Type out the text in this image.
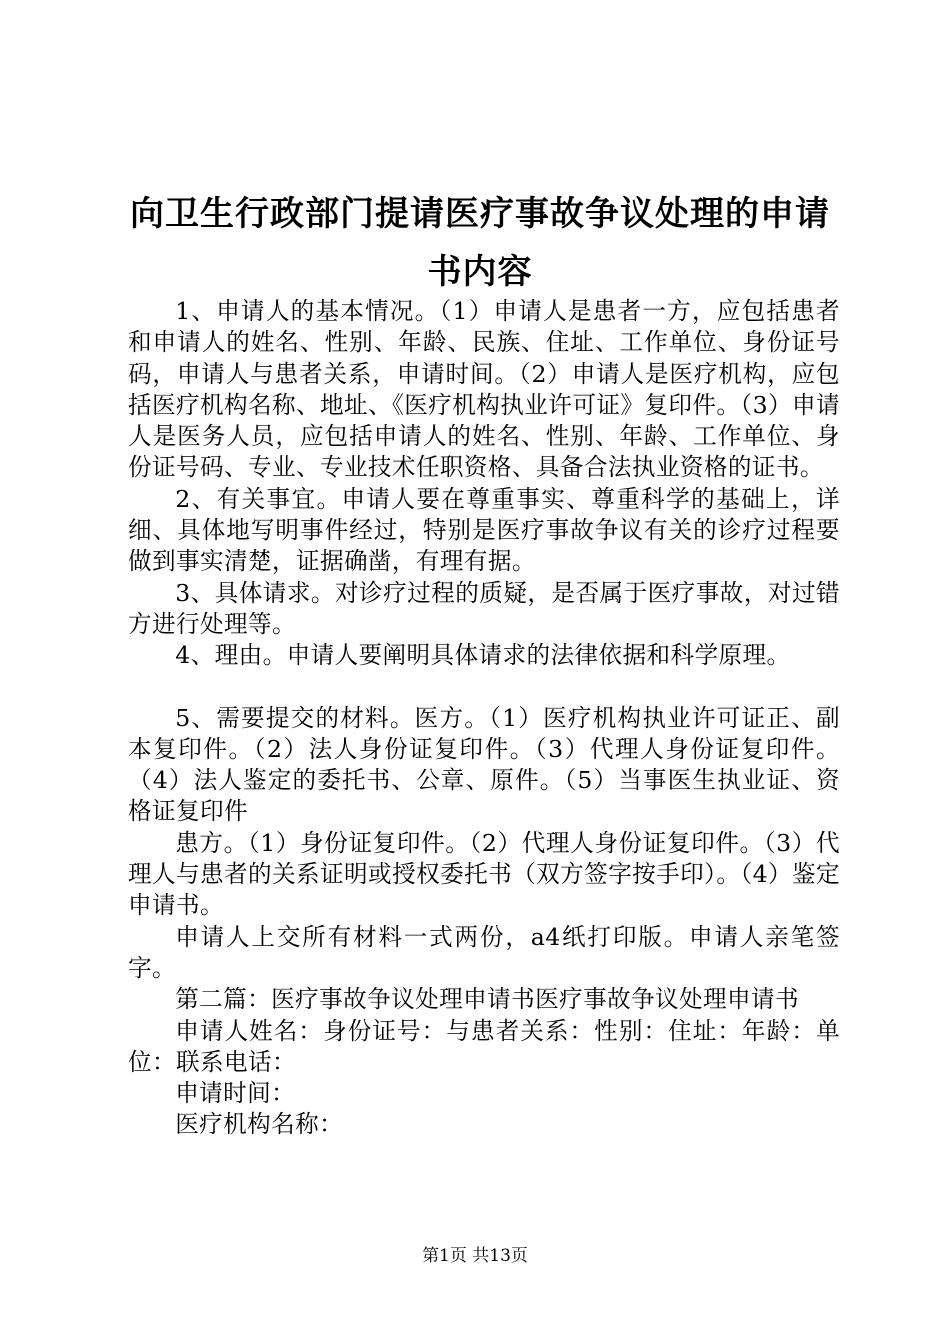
向卫生行政部门提请医疗事故争议处理的申请
书内容

1、申请人的基本情况。（1）申请人是患者一方，应包括患者和申请人的姓名、性别、年龄、民族、住址、工作单位、身份证号码，申请人与患者关系，申请时间。（2）申请人是医疗机构，应包括医疗机构名称、地址、《医疗机构执业许可证》复印件。（3）申请人是医务人员，应包括申请人的姓名、性别、年龄、工作单位、身份证号码、专业、专业技术任职资格、具备合法执业资格的证书。

2、有关事宜。申请人要在尊重事实、尊重科学的基础上，详细、具体地写明事件经过，特别是医疗事故争议有关的诊疗过程要做到事实清楚，证据确凿，有理有据。

3、具体请求。对诊疗过程的质疑，是否属于医疗事故，对过错方进行处理等。

4、理由。申请人要阐明具体请求的法律依据和科学原理。

5、需要提交的材料。医方。（1）医疗机构执业许可证正、副本复印件。（2）法人身份证复印件。（3）代理人身份证复印件。（4）法人鉴定的委托书、公章、原件。（5）当事医生执业证、资格证复印件

患方。（1）身份证复印件。（2）代理人身份证复印件。（3）代理人与患者的关系证明或授权委托书（双方签字按手印）。（4）鉴定申请书。

申请人上交所有材料一式两份，a4纸打印版。申请人亲笔签字。

第二篇：医疗事故争议处理申请书医疗事故争议处理申请书

申请人姓名：身份证号：与患者关系：性别：住址：年龄：单位：联系电话：

申请时间：

医疗机构名称：

第1页 共13页
